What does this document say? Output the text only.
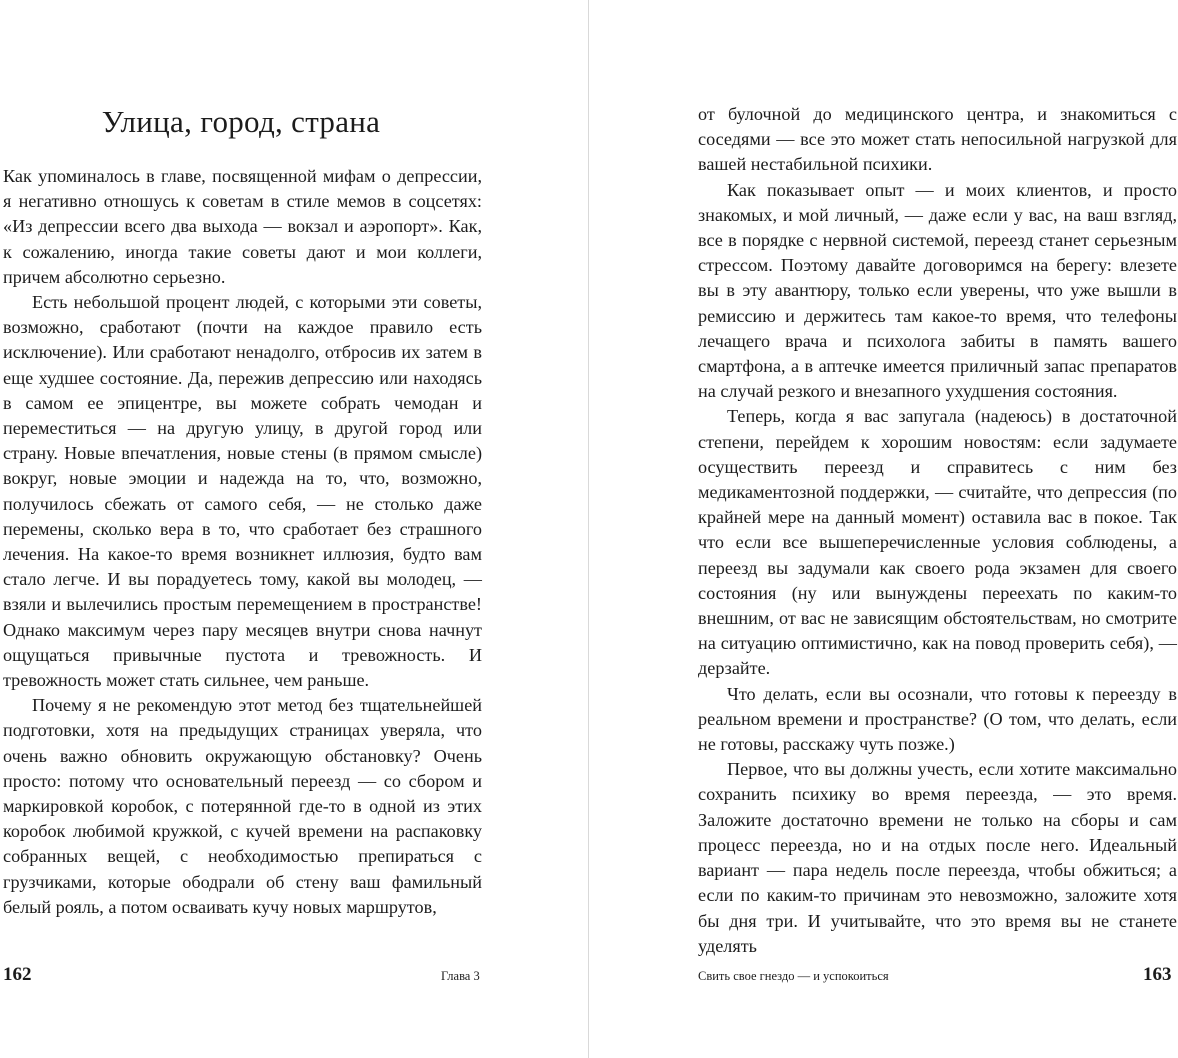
Улица, город, страна

Как упоминалось в главе, посвященной мифам о депрессии, я негативно отношусь к советам в стиле мемов в соцсетях: «Из депрессии всего два выхода — вокзал и аэропорт». Как, к сожалению, иногда такие советы дают и мои коллеги, причем абсолютно серьезно.

Есть небольшой процент людей, с которыми эти советы, возможно, сработают (почти на каждое правило есть исключение). Или сработают ненадолго, отбросив их затем в еще худшее состояние. Да, пережив депрессию или находясь в самом ее эпицентре, вы можете собрать чемодан и переместиться — на другую улицу, в другой город или страну. Новые впечатления, новые стены (в прямом смысле) вокруг, новые эмоции и надежда на то, что, возможно, получилось сбежать от самого себя, — не столько даже перемены, сколько вера в то, что сработает без страшного лечения. На какое-то время возникнет иллюзия, будто вам стало легче. И вы порадуетесь тому, какой вы молодец, — взяли и вылечились простым перемещением в пространстве! Однако максимум через пару месяцев внутри снова начнут ощущаться привычные пустота и тревожность. И тревожность может стать сильнее, чем раньше.

Почему я не рекомендую этот метод без тщательнейшей подготовки, хотя на предыдущих страницах уверяла, что очень важно обновить окружающую обстановку? Очень просто: потому что основательный переезд — со сбором и маркировкой коробок, с потерянной где-то в одной из этих коробок любимой кружкой, с кучей времени на распаковку собранных вещей, с необходимостью препираться с грузчиками, которые ободрали об стену ваш фамильный белый рояль, а потом осваивать кучу новых маршрутов,

162	Глава 3

от булочной до медицинского центра, и знакомиться с соседями — все это может стать непосильной нагрузкой для вашей нестабильной психики.

Как показывает опыт — и моих клиентов, и просто знакомых, и мой личный, — даже если у вас, на ваш взгляд, все в порядке с нервной системой, переезд станет серьезным стрессом. Поэтому давайте договоримся на берегу: влезете вы в эту авантюру, только если уверены, что уже вышли в ремиссию и держитесь там какое-то время, что телефоны лечащего врача и психолога забиты в память вашего смартфона, а в аптечке имеется приличный запас препаратов на случай резкого и внезапного ухудшения состояния.

Теперь, когда я вас запугала (надеюсь) в достаточной степени, перейдем к хорошим новостям: если задумаете осуществить переезд и справитесь с ним без медикаментозной поддержки, — считайте, что депрессия (по крайней мере на данный момент) оставила вас в покое. Так что если все вышеперечисленные условия соблюдены, а переезд вы задумали как своего рода экзамен для своего состояния (ну или вынуждены переехать по каким-то внешним, от вас не зависящим обстоятельствам, но смотрите на ситуацию оптимистично, как на повод проверить себя), — дерзайте.

Что делать, если вы осознали, что готовы к переезду в реальном времени и пространстве? (О том, что делать, если не готовы, расскажу чуть позже.)

Первое, что вы должны учесть, если хотите максимально сохранить психику во время переезда, — это время. Заложите достаточно времени не только на сборы и сам процесс переезда, но и на отдых после него. Идеальный вариант — пара недель после переезда, чтобы обжиться; а если по каким-то причинам это невозможно, заложите хотя бы дня три. И учитывайте, что это время вы не станете уделять

Свить свое гнездо — и успокоиться	163
